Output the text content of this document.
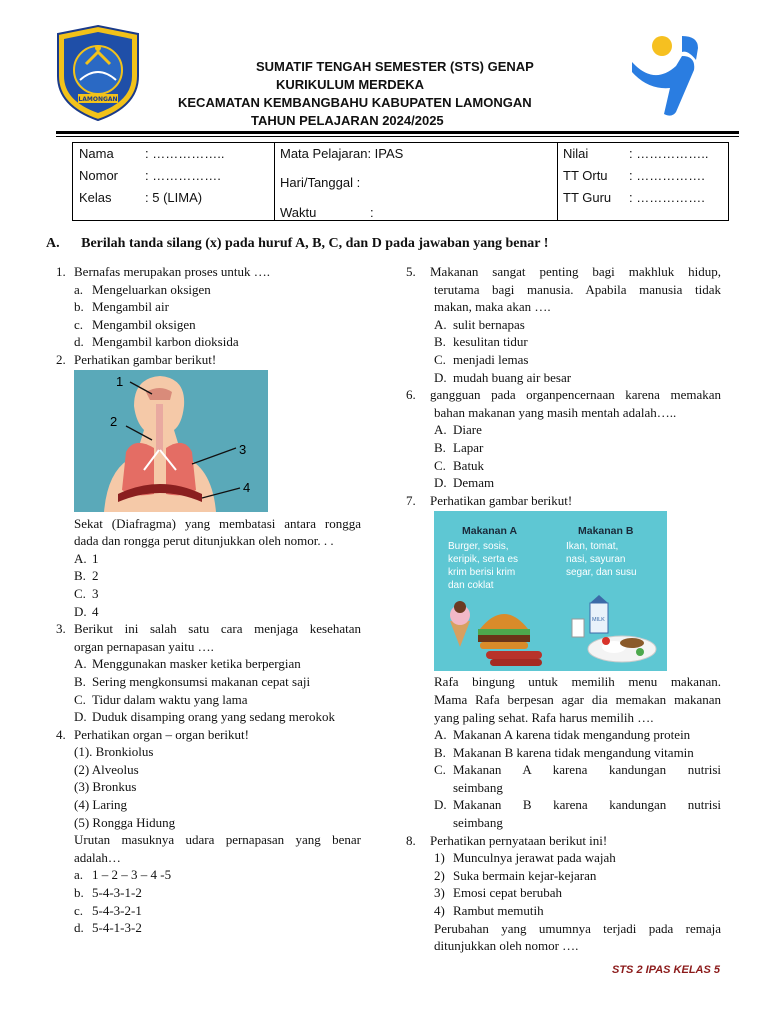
LAMONGAN
SUMATIF TENGAH SEMESTER (STS) GENAP
KURIKULUM MERDEKA
KECAMATAN KEMBANGBAHU KABUPATEN LAMONGAN
TAHUN PELAJARAN 2024/2025
Nama : ……………..
Nomor : …………….
Kelas	: 5 (LIMA)
Mata Pelajaran: IPAS
Hari/Tanggal :
Waktu	:
Nilai	: ……………..
TT Ortu : …………….
TT Guru : …………….
A. Berilah tanda silang (x) pada huruf A, B, C, dan D pada jawaban yang benar !
1. Bernafas merupakan proses untuk ….
a. Mengeluarkan oksigen
b. Mengambil air
c. Mengambil oksigen
d. Mengambil karbon dioksida
2. Perhatikan gambar berikut!
1
2
3
4
Sekat (Diafragma) yang membatasi antara rongga
dada dan rongga perut ditunjukkan oleh nomor. . .
A. 1
B. 2
C. 3
D. 4
3. Berikut ini salah satu cara menjaga kesehatan
organ pernapasan yaitu ….
A. Menggunakan masker ketika berpergian
B. Sering mengkonsumsi makanan cepat saji
C. Tidur dalam waktu yang lama
D. Duduk disamping orang yang sedang merokok
4. Perhatikan organ – organ berikut!
(1). Bronkiolus
(2) Alveolus
(3) Bronkus
(4) Laring
(5) Rongga Hidung
Urutan masuknya udara pernapasan yang benar
adalah…
a. 1 – 2 – 3 – 4 -5
b. 5-4-3-1-2
c. 5-4-3-2-1
d. 5-4-1-3-2
5. Makanan sangat penting bagi makhluk hidup,
terutama bagi manusia. Apabila manusia tidak
makan, maka akan ….
A. sulit bernapas
B. kesulitan tidur
C. menjadi lemas
D. mudah buang air besar
6. gangguan pada organpencernaan karena memakan
bahan makanan yang masih mentah adalah…..
A. Diare
B. Lapar
C. Batuk
D. Demam
7. Perhatikan gambar berikut!
Makanan A
Burger, sosis,
keripik, serta es
krim berisi krim
dan coklat
Makanan B
Ikan, tomat,
nasi, sayuran
segar, dan susu
MILK
Rafa bingung untuk memilih menu makanan.
Mama Rafa berpesan agar dia memakan makanan
yang paling sehat. Rafa harus memilih ….
A. Makanan A karena tidak mengandung protein
B. Makanan B karena tidak mengandung vitamin
C. Makanan A karena kandungan nutrisi
seimbang
D. Makanan B karena kandungan nutrisi
seimbang
8. Perhatikan pernyataan berikut ini!
1) Munculnya jerawat pada wajah
2) Suka bermain kejar-kejaran
3) Emosi cepat berubah
4) Rambut memutih
Perubahan yang umumnya terjadi pada remaja
ditunjukkan oleh nomor ….
STS 2 IPAS KELAS 5
